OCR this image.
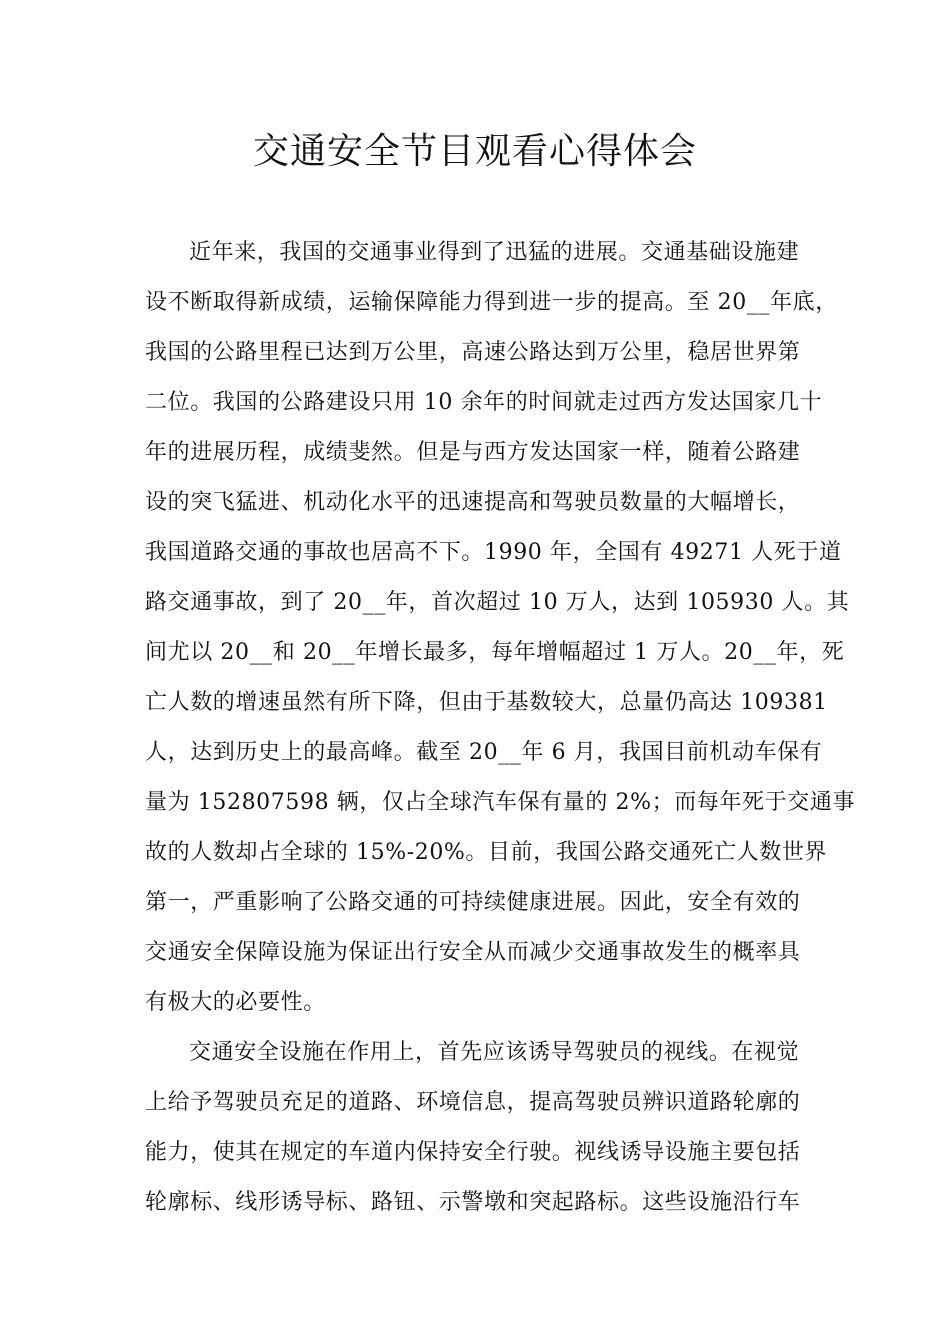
交通安全节目观看心得体会
近年来，我国的交通事业得到了迅猛的进展。交通基础设施建
设不断取得新成绩，运输保障能力得到进一步的提高。至 20__年底，
我国的公路里程已达到万公里，高速公路达到万公里，稳居世界第
二位。我国的公路建设只用 10 余年的时间就走过西方发达国家几十
年的进展历程，成绩斐然。但是与西方发达国家一样，随着公路建
设的突飞猛进、机动化水平的迅速提高和驾驶员数量的大幅增长，
我国道路交通的事故也居高不下。1990 年，全国有 49271 人死于道
路交通事故，到了 20__年，首次超过 10 万人，达到 105930 人。其
间尤以 20__和 20__年增长最多，每年增幅超过 1 万人。20__年，死
亡人数的增速虽然有所下降，但由于基数较大，总量仍高达 109381
人，达到历史上的最高峰。截至 20__年 6 月，我国目前机动车保有
量为 152807598 辆，仅占全球汽车保有量的 2%；而每年死于交通事
故的人数却占全球的 15%-20%。目前，我国公路交通死亡人数世界
第一，严重影响了公路交通的可持续健康进展。因此，安全有效的
交通安全保障设施为保证出行安全从而减少交通事故发生的概率具
有极大的必要性。
交通安全设施在作用上，首先应该诱导驾驶员的视线。在视觉
上给予驾驶员充足的道路、环境信息，提高驾驶员辨识道路轮廓的
能力，使其在规定的车道内保持安全行驶。视线诱导设施主要包括
轮廓标、线形诱导标、路钮、示警墩和突起路标。这些设施沿行车
